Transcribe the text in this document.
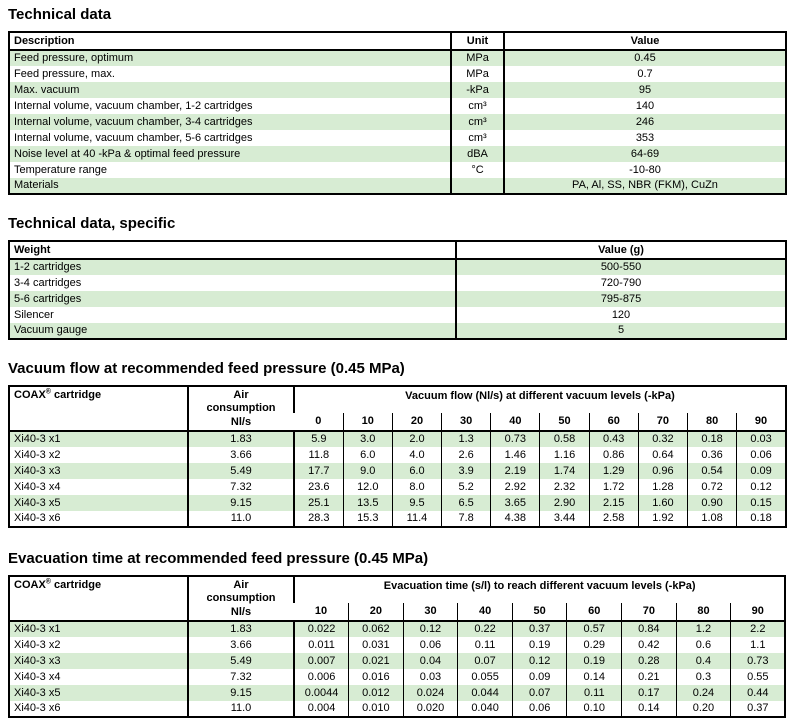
Technical data
Description	Unit	Value
Feed pressure, optimum	MPa	0.45
Feed pressure, max.	MPa	0.7
Max. vacuum	-kPa	95
Internal volume, vacuum chamber, 1-2 cartridges	cm³	140
Internal volume, vacuum chamber, 3-4 cartridges	cm³	246
Internal volume, vacuum chamber, 5-6 cartridges	cm³	353
Noise level at 40 -kPa & optimal feed pressure	dBA	64-69
Temperature range	°C	-10-80
Materials		PA, Al, SS, NBR (FKM), CuZn
Technical data, specific
Weight	Value (g)
1-2 cartridges	500-550
3-4 cartridges	720-790
5-6 cartridges	795-875
Silencer	120
Vacuum gauge	5
Vacuum flow at recommended feed pressure (0.45 MPa)
COAX® cartridge	Air consumption
Nl/s	Vacuum flow (Nl/s) at different vacuum levels (-kPa)									
		0	10	20	30	40	50	60	70	80	90
Xi40-3 x1	1.83	5.9	3.0	2.0	1.3	0.73	0.58	0.43	0.32	0.18	0.03
Xi40-3 x2	3.66	11.8	6.0	4.0	2.6	1.46	1.16	0.86	0.64	0.36	0.06
Xi40-3 x3	5.49	17.7	9.0	6.0	3.9	2.19	1.74	1.29	0.96	0.54	0.09
Xi40-3 x4	7.32	23.6	12.0	8.0	5.2	2.92	2.32	1.72	1.28	0.72	0.12
Xi40-3 x5	9.15	25.1	13.5	9.5	6.5	3.65	2.90	2.15	1.60	0.90	0.15
Xi40-3 x6	11.0	28.3	15.3	11.4	7.8	4.38	3.44	2.58	1.92	1.08	0.18
Evacuation time at recommended feed pressure (0.45 MPa)
COAX® cartridge	Air consumption
Nl/s	Evacuation time (s/l) to reach different vacuum levels (-kPa)								
		10	20	30	40	50	60	70	80	90
Xi40-3 x1	1.83	0.022	0.062	0.12	0.22	0.37	0.57	0.84	1.2	2.2
Xi40-3 x2	3.66	0.011	0.031	0.06	0.11	0.19	0.29	0.42	0.6	1.1
Xi40-3 x3	5.49	0.007	0.021	0.04	0.07	0.12	0.19	0.28	0.4	0.73
Xi40-3 x4	7.32	0.006	0.016	0.03	0.055	0.09	0.14	0.21	0.3	0.55
Xi40-3 x5	9.15	0.0044	0.012	0.024	0.044	0.07	0.11	0.17	0.24	0.44
Xi40-3 x6	11.0	0.004	0.010	0.020	0.040	0.06	0.10	0.14	0.20	0.37
